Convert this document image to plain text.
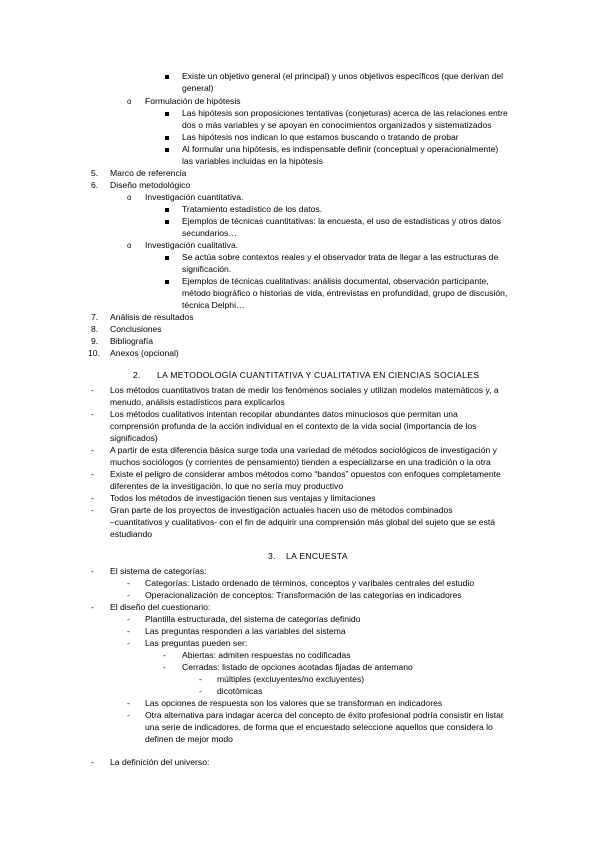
Existe un objetivo general (el principal) y unos objetivos específicos (que derivan del
general)
o Formulación de hipótesis
Las hipótesis son proposiciones tentativas (conjeturas) acerca de las relaciones entre
dos o más variables y se apoyan en conocimientos organizados y sistematizados
Las hipótesis nos indican lo que estamos buscando o tratando de probar
Al formular una hipótesis, es indispensable definir (conceptual y operacionalmente)
las variables incluidas en la hipótesis
5. Marco de referencia
6. Diseño metodológico
o Investigación cuantitativa.
Tratamiento estadístico de los datos.
Ejemplos de técnicas cuantitativas: la encuesta, el uso de estadísticas y otros datos
secundarios…
o Investigación cualitativa.
Se actúa sobre contextos reales y el observador trata de llegar a las estructuras de
significación.
Ejemplos de técnicas cualitativas: análisis documental, observación participante,
método biográfico o historias de vida, entrevistas en profundidad, grupo de discusión,
técnica Delphi…
7. Análisis de resultados
8. Conclusiones
9. Bibliografía
10. Anexos (opcional)
2. LA METODOLOGÍA CUANTITATIVA Y CUALITATIVA EN CIENCIAS SOCIALES
- Los métodos cuantitativos tratan de medir los fenómenos sociales y utilizan modelos matemáticos y, a
menudo, análisis estadísticos para explicarlos
- Los métodos cualitativos intentan recopilar abundantes datos minuciosos que permitan una
comprensión profunda de la acción individual en el contexto de la vida social (importancia de los
significados)
- A partir de esta diferencia básica surge toda una variedad de métodos sociológicos de investigación y
muchos sociólogos (y corrientes de pensamiento) tienden a especializarse en una tradición o la otra
- Existe el peligro de considerar ambos métodos como “bandos” opuestos con enfoques completamente
diferentes de la investigación, lo que no sería muy productivo
- Todos los métodos de investigación tienen sus ventajas y limitaciones
- Gran parte de los proyectos de investigación actuales hacen uso de métodos combinados
–cuantitativos y cualitativos- con el fin de adquirir una comprensión más global del sujeto que se está
estudiando
3. LA ENCUESTA
- El sistema de categorías:
- Categorías: Listado ordenado de términos, conceptos y varibales centrales del estudio
- Operacionalización de conceptos: Transformación de las categorías en indicadores
- El diseño del cuestionario:
- Plantilla estructurada, del sistema de categorías definido
- Las preguntas responden a las variables del sistema
- Las preguntas pueden ser:
- Abiertas: admiten respuestas no codificadas
- Cerradas: listado de opciones acotadas fijadas de antemano
- múltiples (excluyentes/no excluyentes)
- dicotómicas
- Las opciones de respuesta son los valores que se transforman en indicadores
- Otra alternativa para indagar acerca del concepto de éxito profesional podría consistir en listar
una serie de indicadores, de forma que el encuestado seleccione aquellos que considera lo
definen de mejor modo
- La definición del universo:
